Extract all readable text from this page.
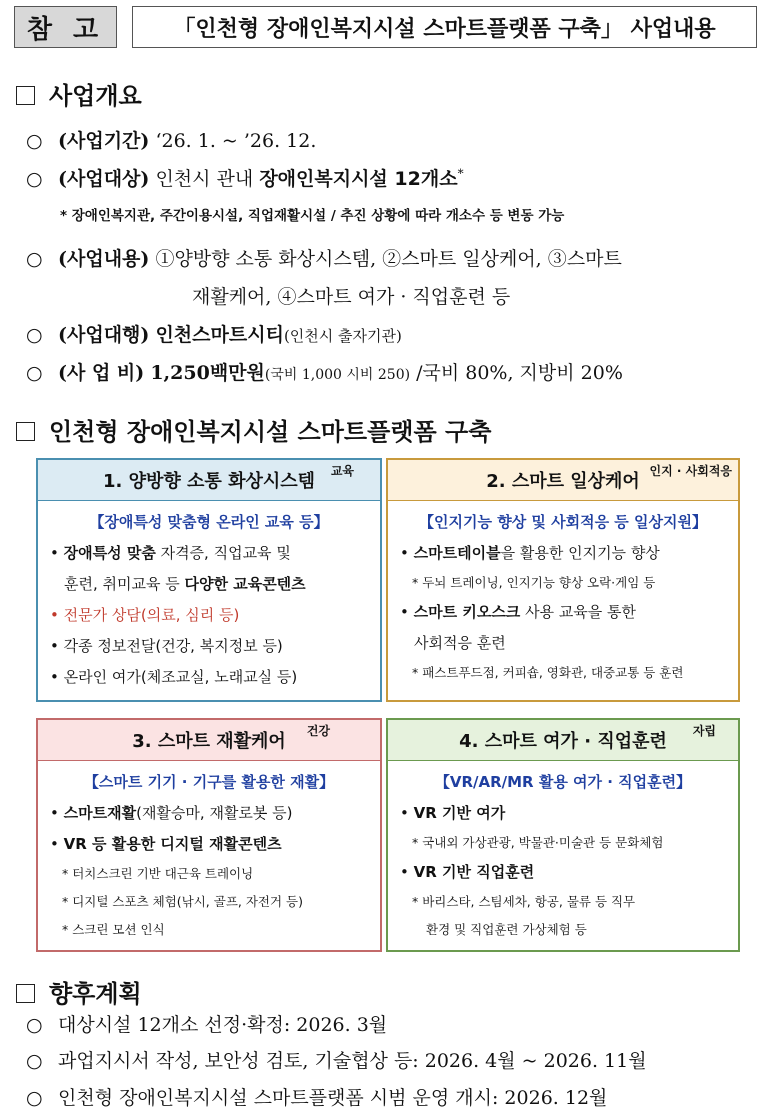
참 고	「인천형 장애인복지시설 스마트플랫폼 구축」 사업내용
사업개요
○ (사업기간) ‘26. 1. ~ ’26. 12.
○ (사업대상) 인천시 관내 장애인복지시설 12개소*
* 장애인복지관, 주간이용시설, 직업재활시설 / 추진 상황에 따라 개소수 등 변동 가능
○ (사업내용) ①양방향 소통 화상시스템, ②스마트 일상케어, ③스마트
재활케어, ④스마트 여가 · 직업훈련 등
○ (사업대행) 인천스마트시티(인천시 출자기관)
○ (사 업 비) 1,250백만원(국비 1,000 시비 250) /국비 80%, 지방비 20%
인천형 장애인복지시설 스마트플랫폼 구축
1. 양방향 소통 화상시스템 교육
【장애특성 맞춤형 온라인 교육 등】
• 장애특성 맞춤 자격증, 직업교육 및
훈련, 취미교육 등 다양한 교육콘텐츠
• 전문가 상담(의료, 심리 등)
• 각종 정보전달(건강, 복지정보 등)
• 온라인 여가(체조교실, 노래교실 등)
2. 스마트 일상케어 인지 · 사회적응
【인지기능 향상 및 사회적응 등 일상지원】
• 스마트테이블을 활용한 인지기능 향상
* 두뇌 트레이닝, 인지기능 향상 오락·게임 등
• 스마트 키오스크 사용 교육을 통한
사회적응 훈련
* 패스트푸드점, 커피숍, 영화관, 대중교통 등 훈련
3. 스마트 재활케어 건강
【스마트 기기 · 기구를 활용한 재활】
• 스마트재활(재활승마, 재활로봇 등)
• VR 등 활용한 디지털 재활콘텐츠
* 터치스크린 기반 대근육 트레이닝
* 디지털 스포츠 체험(낚시, 골프, 자전거 등)
* 스크린 모션 인식
4. 스마트 여가 · 직업훈련 자립
【VR/AR/MR 활용 여가 · 직업훈련】
• VR 기반 여가
* 국내외 가상관광, 박물관·미술관 등 문화체험
• VR 기반 직업훈련
* 바리스타, 스팀세차, 항공, 물류 등 직무
환경 및 직업훈련 가상체험 등
향후계획
○ 대상시설 12개소 선정·확정: 2026. 3월
○ 과업지시서 작성, 보안성 검토, 기술협상 등: 2026. 4월 ~ 2026. 11월
○ 인천형 장애인복지시설 스마트플랫폼 시범 운영 개시: 2026. 12월
